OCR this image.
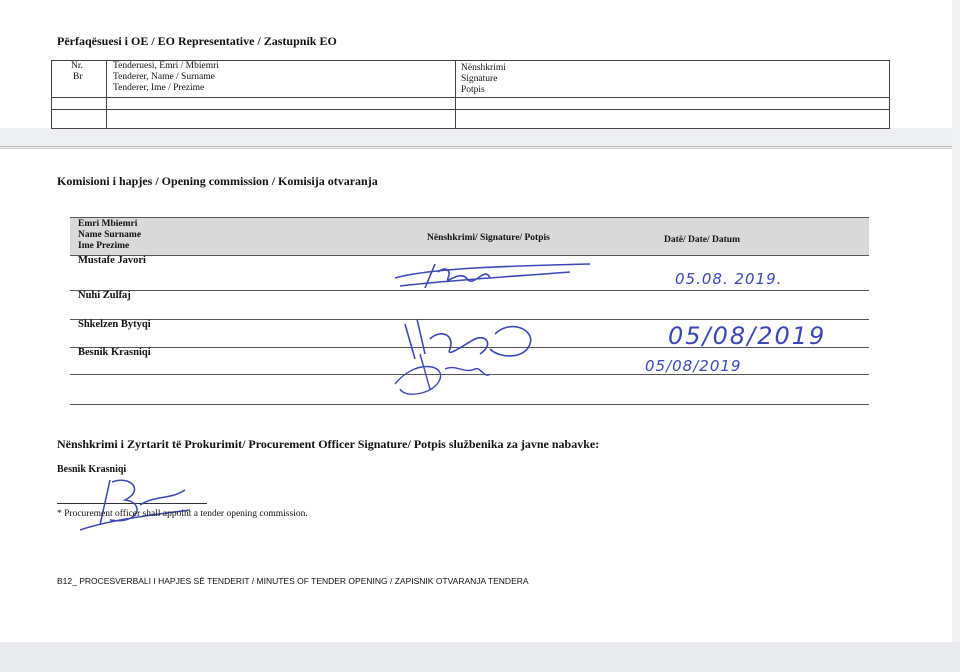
Përfaqësuesi i OE / EO Representative / Zastupnik EO
Nr.
Br
Tenderuesi, Emri / Mbiemri
Tenderer, Name / Surname
Tenderer, Ime / Prezime
Nënshkrimi
Signature
Potpis
Komisioni i hapjes / Opening commission / Komisija otvaranja
Emri Mbiemri
Name Surname
Ime Prezime
Nënshkrimi/ Signature/ Potpis	Datë/ Date/ Datum
Mustafe Javori
Nuhi Zulfaj
Shkelzen Bytyqi
Besnik Krasniqi
05.08. 2019.
05/08/2019
05/08/2019
Nënshkrimi i Zyrtarit të Prokurimit/ Procurement Officer Signature/ Potpis službenika za javne nabavke:
Besnik Krasniqi
* Procurement officer shall appoint a tender opening commission.
B12_ PROCESVERBALI I HAPJES SË TENDERIT / MINUTES OF TENDER OPENING / ZAPISNIK OTVARANJA TENDERA
